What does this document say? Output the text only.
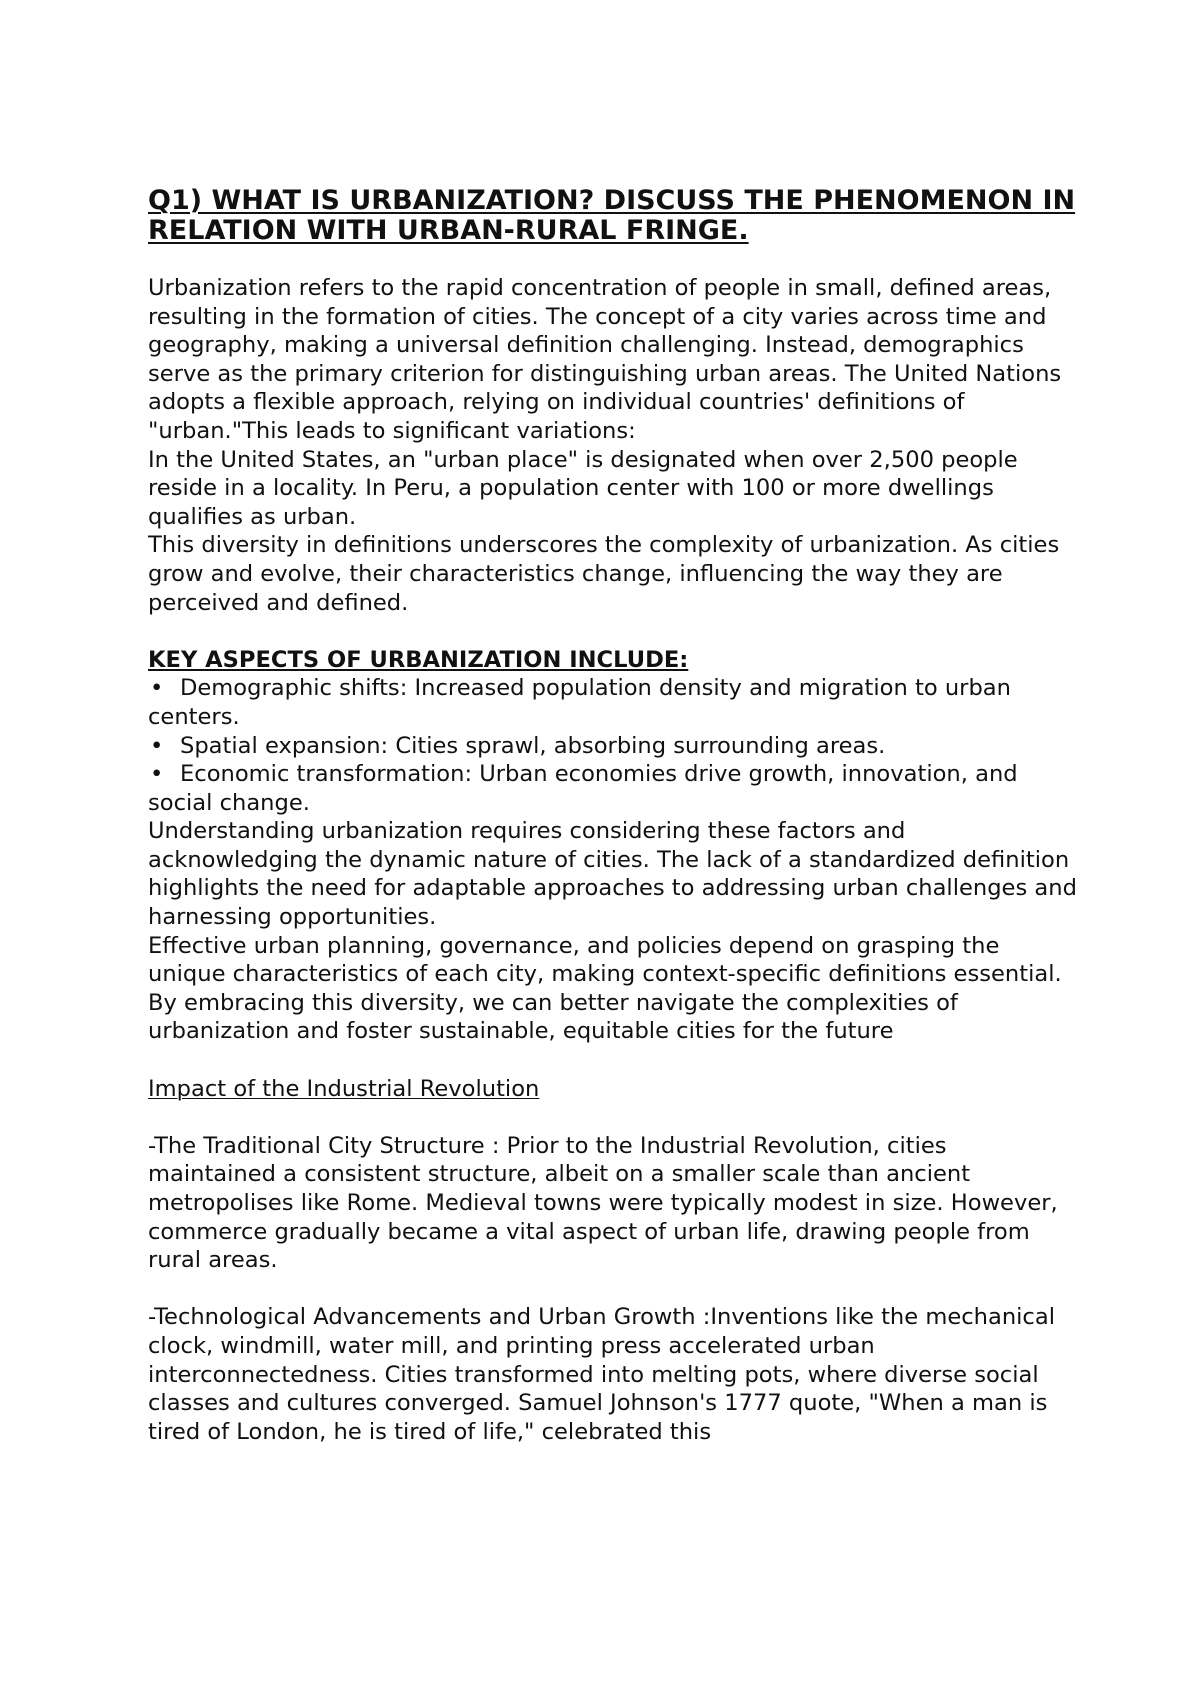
Q1) WHAT IS URBANIZATION? DISCUSS THE PHENOMENON IN RELATION WITH URBAN-RURAL FRINGE.

Urbanization refers to the rapid concentration of people in small, defined areas, resulting in the formation of cities. The concept of a city varies across time and geography, making a universal definition challenging. Instead, demographics serve as the primary criterion for distinguishing urban areas. The United Nations adopts a flexible approach, relying on individual countries' definitions of "urban."This leads to significant variations:

In the United States, an "urban place" is designated when over 2,500 people reside in a locality. In Peru, a population center with 100 or more dwellings qualifies as urban.

This diversity in definitions underscores the complexity of urbanization. As cities grow and evolve, their characteristics change, influencing the way they are perceived and defined.

KEY ASPECTS OF URBANIZATION INCLUDE:

• Demographic shifts: Increased population density and migration to urban centers.

• Spatial expansion: Cities sprawl, absorbing surrounding areas.

• Economic transformation: Urban economies drive growth, innovation, and social change.

Understanding urbanization requires considering these factors and acknowledging the dynamic nature of cities. The lack of a standardized definition highlights the need for adaptable approaches to addressing urban challenges and harnessing opportunities.

Effective urban planning, governance, and policies depend on grasping the unique characteristics of each city, making context-specific definitions essential. By embracing this diversity, we can better navigate the complexities of urbanization and foster sustainable, equitable cities for the future

Impact of the Industrial Revolution

-The Traditional City Structure : Prior to the Industrial Revolution, cities maintained a consistent structure, albeit on a smaller scale than ancient metropolises like Rome. Medieval towns were typically modest in size. However, commerce gradually became a vital aspect of urban life, drawing people from rural areas.

-Technological Advancements and Urban Growth :Inventions like the mechanical clock, windmill, water mill, and printing press accelerated urban interconnectedness. Cities transformed into melting pots, where diverse social classes and cultures converged. Samuel Johnson's 1777 quote, "When a man is tired of London, he is tired of life," celebrated this
